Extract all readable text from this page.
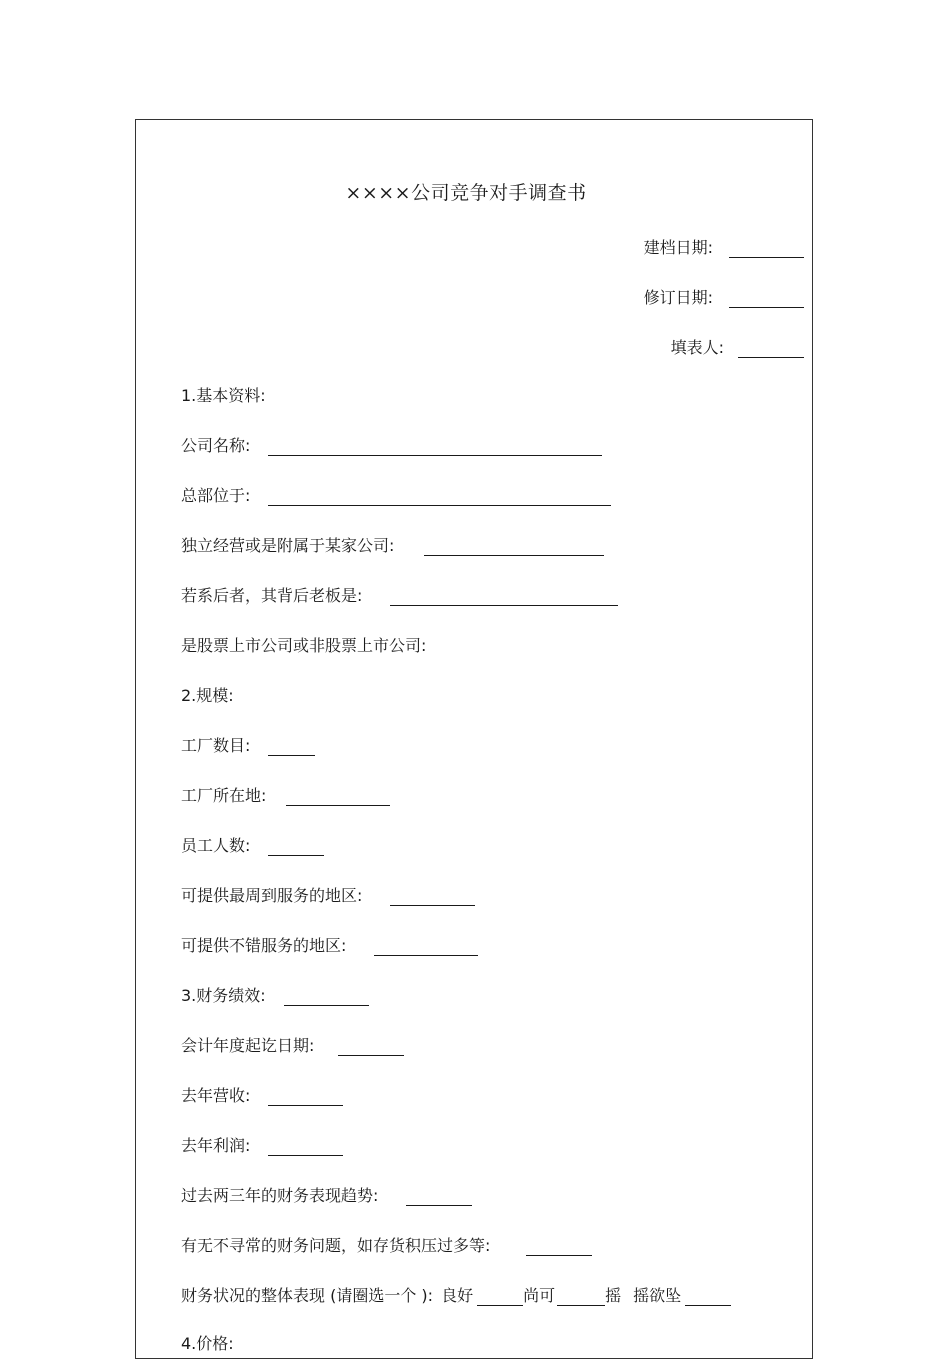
××××公司竞争对手调查书
建档日期:
修订日期:
填表人:
1.基本资料:
公司名称:
总部位于:
独立经营或是附属于某家公司:
若系后者，其背后老板是:
是股票上市公司或非股票上市公司:
2.规模:
工厂数目:
工厂所在地:
员工人数:
可提供最周到服务的地区:
可提供不错服务的地区:
3.财务绩效:
会计年度起讫日期:
去年营收:
去年利润:
过去两三年的财务表现趋势:
有无不寻常的财务问题，如存货积压过多等:
财务状况的整体表现 (请圈选一个 ): 良好	尚可	摇 摇欲坠
4.价格:
